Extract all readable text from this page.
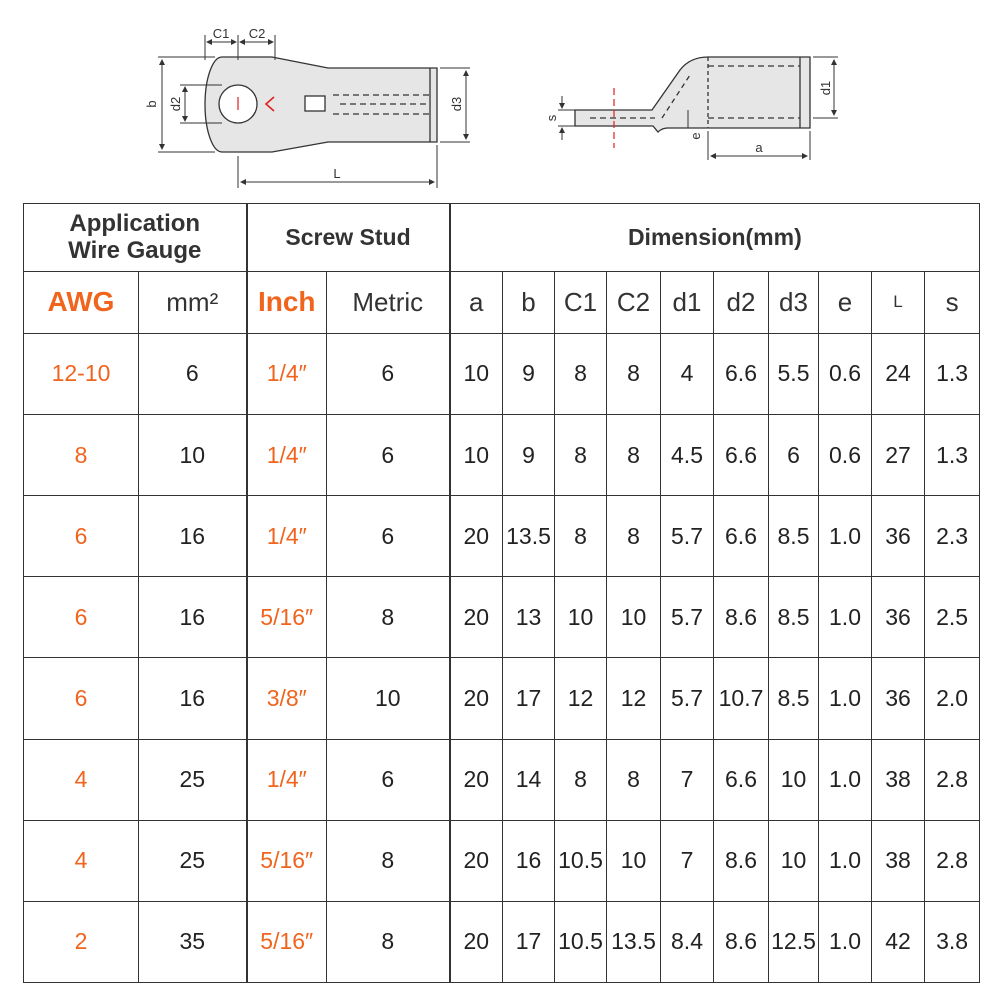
C1 C2
b d2	d3
L
s
e
a
d1
Application
Wire Gauge		Screw Stud		Dimension(mm)									
AWG	mm²	Inch	Metric	a	b	C1	C2	d1	d2	d3	e	L	s
12-10	6	1/4″	6	10	9	8	8	4	6.6	5.5	0.6	24	1.3
8	10	1/4″	6	10	9	8	8	4.5	6.6	6	0.6	27	1.3
6	16	1/4″	6	20	13.5	8	8	5.7	6.6	8.5	1.0	36	2.3
6	16	5/16″	8	20	13	10	10	5.7	8.6	8.5	1.0	36	2.5
6	16	3/8″	10	20	17	12	12	5.7	10.7	8.5	1.0	36	2.0
4	25	1/4″	6	20	14	8	8	7	6.6	10	1.0	38	2.8
4	25	5/16″	8	20	16	10.5	10	7	8.6	10	1.0	38	2.8
2	35	5/16″	8	20	17	10.5	13.5	8.4	8.6	12.5	1.0	42	3.8
